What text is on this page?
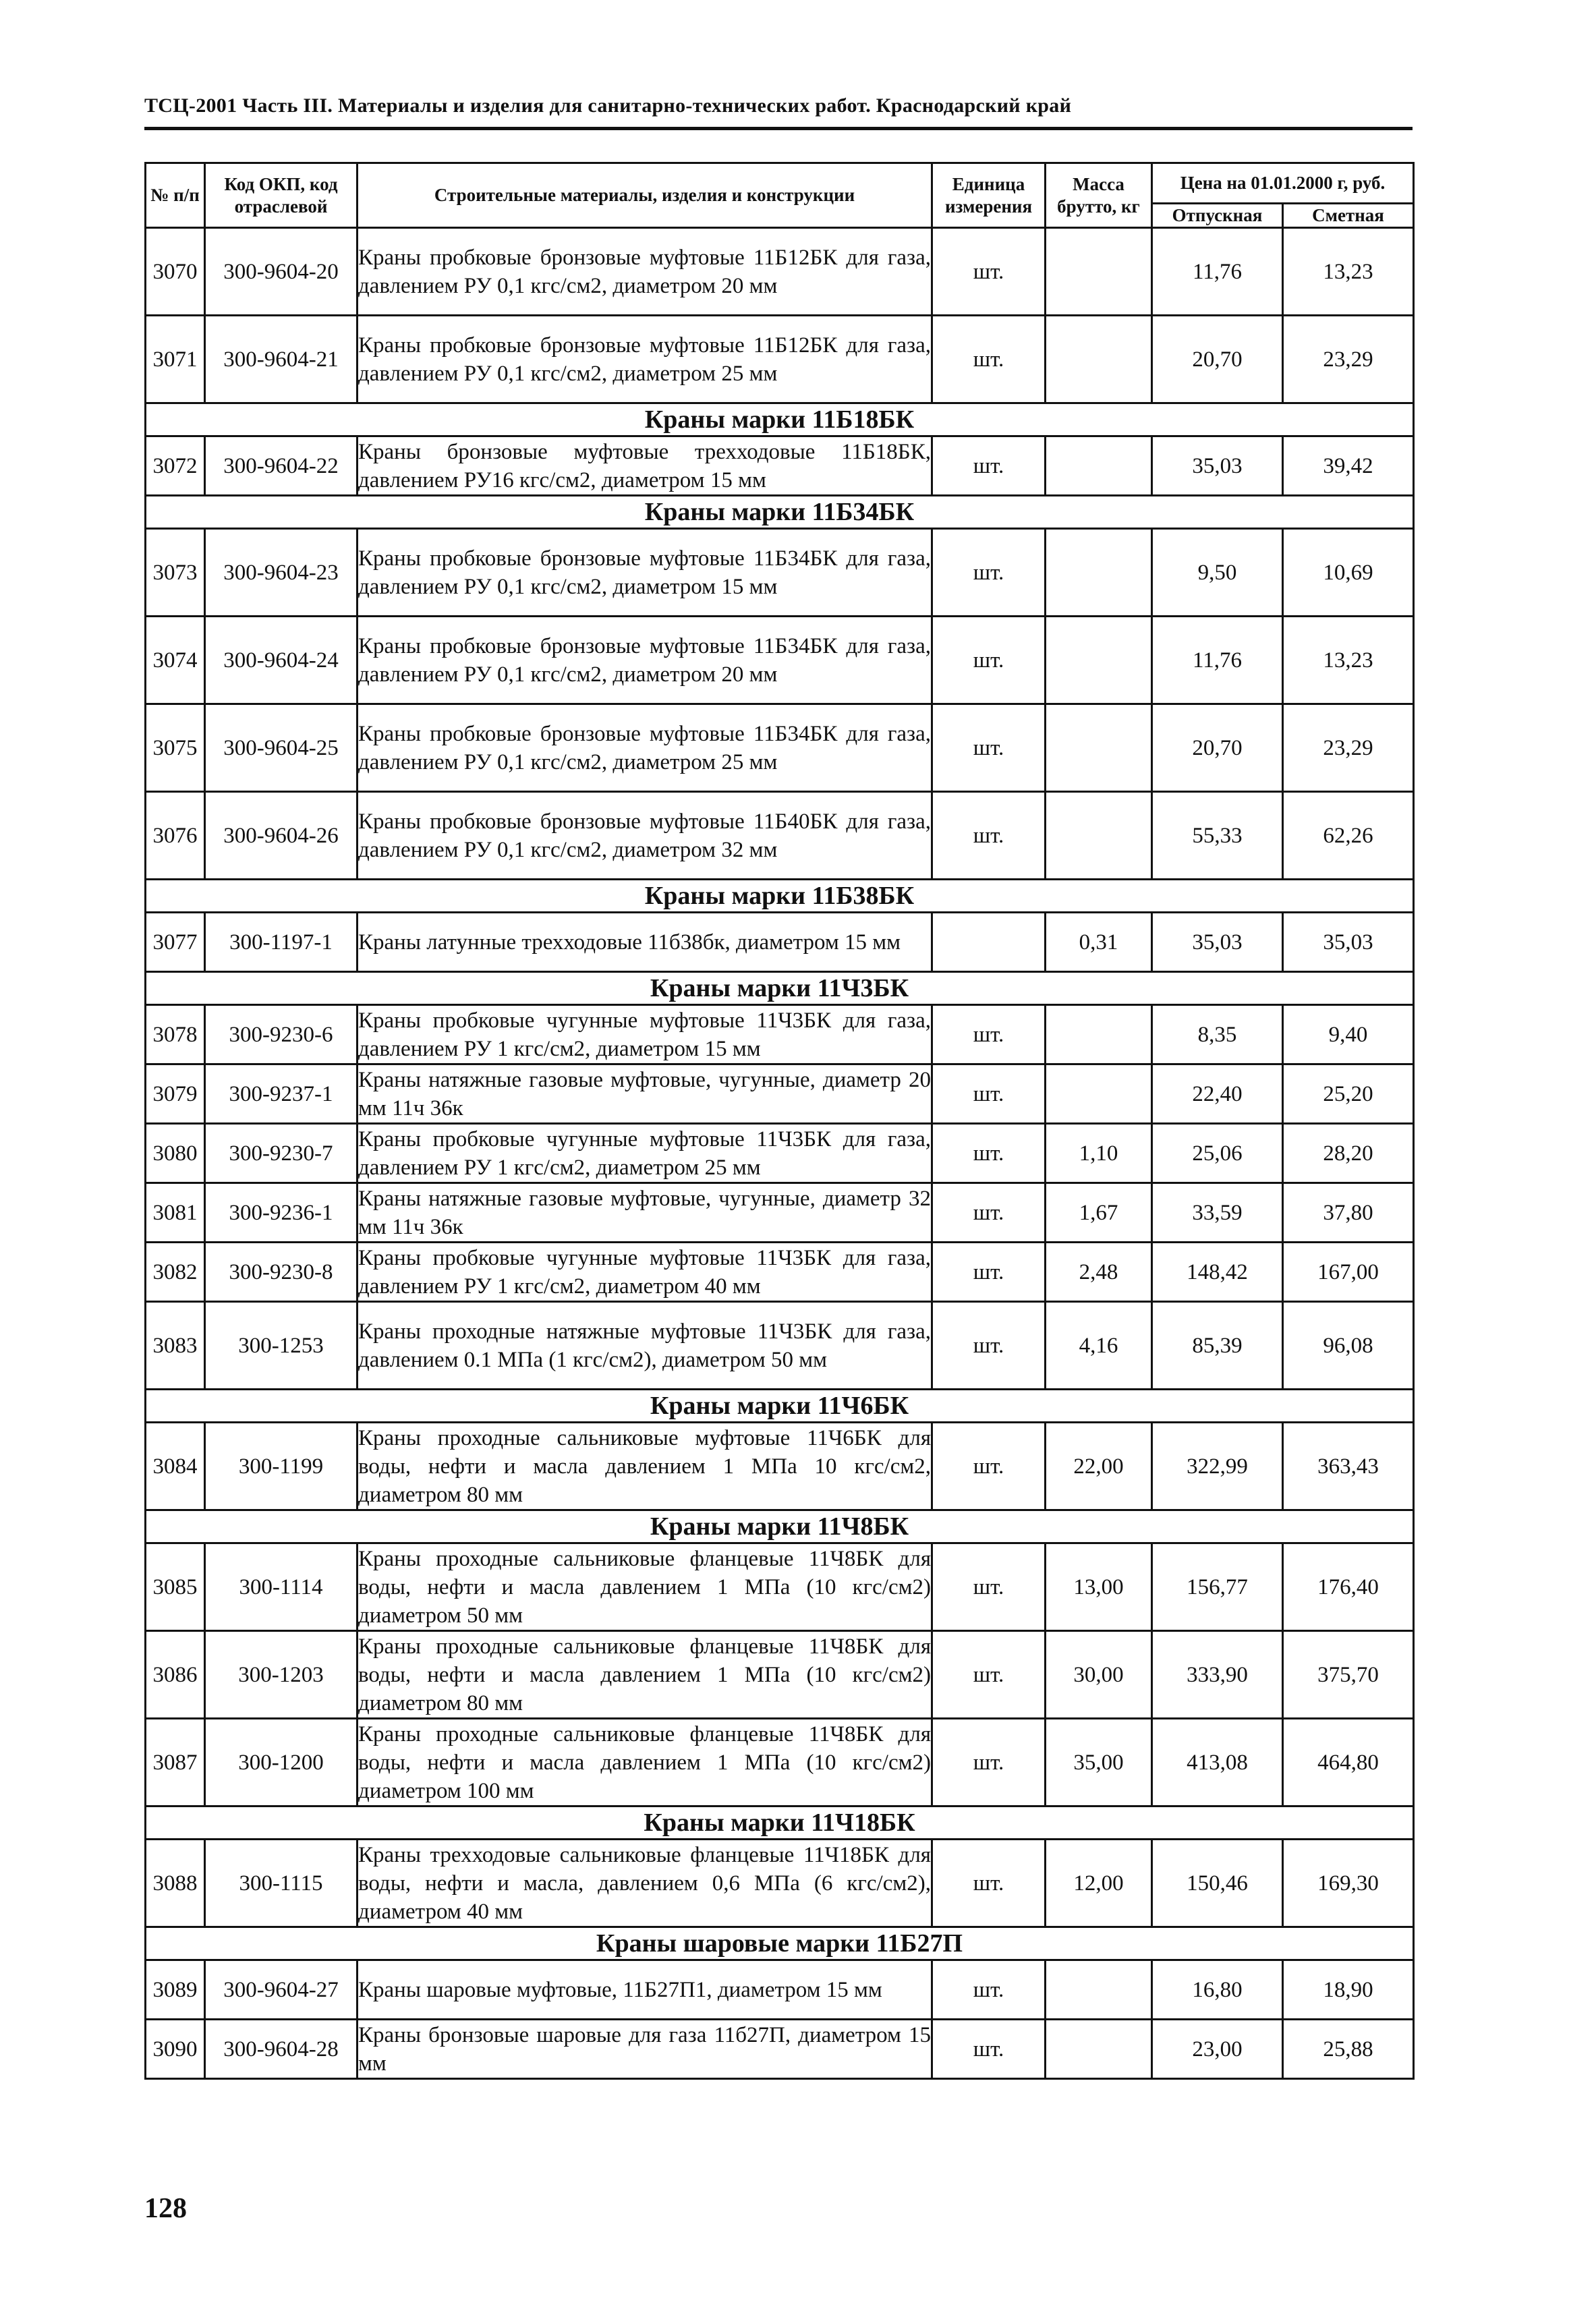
ТСЦ-2001 Часть III. Материалы и изделия для санитарно-технических работ. Краснодарский край
№ п/п	Код ОКП, код отраслевой	Строительные материалы, изделия и конструкции	Единица измерения	Масса брутто, кг	Цена на 01.01.2000 г, руб.	
					Отпускная	Сметная
3070	300-9604-20	Краны пробковые бронзовые муфтовые 11Б12БК для газа, давлением РУ 0,1 кгс/см2, диаметром 20 мм	шт.		11,76	13,23
3071	300-9604-21	Краны пробковые бронзовые муфтовые 11Б12БК для газа, давлением РУ 0,1 кгс/см2, диаметром 25 мм	шт.		20,70	23,29
Краны марки 11Б18БК						
3072	300-9604-22	Краны бронзовые муфтовые трехходовые 11Б18БК, давлением РУ16 кгс/см2, диаметром 15 мм	шт.		35,03	39,42
Краны марки 11Б34БК						
3073	300-9604-23	Краны пробковые бронзовые муфтовые 11Б34БК для газа, давлением РУ 0,1 кгс/см2, диаметром 15 мм	шт.		9,50	10,69
3074	300-9604-24	Краны пробковые бронзовые муфтовые 11Б34БК для газа, давлением РУ 0,1 кгс/см2, диаметром 20 мм	шт.		11,76	13,23
3075	300-9604-25	Краны пробковые бронзовые муфтовые 11Б34БК для газа, давлением РУ 0,1 кгс/см2, диаметром 25 мм	шт.		20,70	23,29
3076	300-9604-26	Краны пробковые бронзовые муфтовые 11Б40БК для газа, давлением РУ 0,1 кгс/см2, диаметром 32 мм	шт.		55,33	62,26
Краны марки 11Б38БК						
3077	300-1197-1	Краны латунные трехходовые 11б38бк, диаметром 15 мм		0,31	35,03	35,03
Краны марки 11Ч3БК						
3078	300-9230-6	Краны пробковые чугунные муфтовые 11Ч3БК для газа, давлением РУ 1 кгс/см2, диаметром 15 мм	шт.		8,35	9,40
3079	300-9237-1	Краны натяжные газовые муфтовые, чугунные, диаметр 20 мм 11ч 36к	шт.		22,40	25,20
3080	300-9230-7	Краны пробковые чугунные муфтовые 11Ч3БК для газа, давлением РУ 1 кгс/см2, диаметром 25 мм	шт.	1,10	25,06	28,20
3081	300-9236-1	Краны натяжные газовые муфтовые, чугунные, диаметр 32 мм 11ч 36к	шт.	1,67	33,59	37,80
3082	300-9230-8	Краны пробковые чугунные муфтовые 11Ч3БК для газа, давлением РУ 1 кгс/см2, диаметром 40 мм	шт.	2,48	148,42	167,00
3083	300-1253	Краны проходные натяжные муфтовые 11Ч3БК для газа, давлением 0.1 МПа (1 кгс/см2), диаметром 50 мм	шт.	4,16	85,39	96,08
Краны марки 11Ч6БК						
3084	300-1199	Краны проходные сальниковые муфтовые 11Ч6БК для воды, нефти и масла давлением 1 МПа 10 кгс/см2, диаметром 80 мм	шт.	22,00	322,99	363,43
Краны марки 11Ч8БК						
3085	300-1114	Краны проходные сальниковые фланцевые 11Ч8БК для воды, нефти и масла давлением 1 МПа (10 кгс/см2) диаметром 50 мм	шт.	13,00	156,77	176,40
3086	300-1203	Краны проходные сальниковые фланцевые 11Ч8БК для воды, нефти и масла давлением 1 МПа (10 кгс/см2) диаметром 80 мм	шт.	30,00	333,90	375,70
3087	300-1200	Краны проходные сальниковые фланцевые 11Ч8БК для воды, нефти и масла давлением 1 МПа (10 кгс/см2) диаметром 100 мм	шт.	35,00	413,08	464,80
Краны марки 11Ч18БК						
3088	300-1115	Краны трехходовые сальниковые фланцевые 11Ч18БК для воды, нефти и масла, давлением 0,6 МПа (6 кгс/см2), диаметром 40 мм	шт.	12,00	150,46	169,30
Краны шаровые марки 11Б27П						
3089	300-9604-27	Краны шаровые муфтовые, 11Б27П1, диаметром 15 мм	шт.		16,80	18,90
3090	300-9604-28	Краны бронзовые шаровые для газа 11б27П, диаметром 15 мм	шт.		23,00	25,88
128
